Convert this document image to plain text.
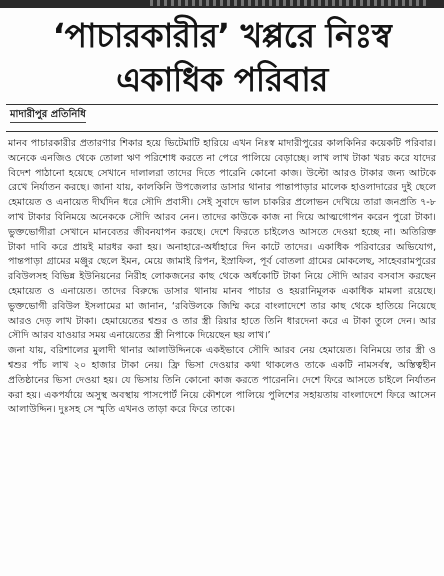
‘পাচারকারীর’ খপ্পরে নিঃস্ব
একাধিক পরিবার
মাদারীপুর প্রতিনিধি

মানব পাচারকারীর প্রতারণার শিকার হয়ে ভিটেমাটি হারিয়ে এখন নিঃস্ব মাদারীপুরের কালকিনির কয়েকটি পরিবার। অনেকে এনজিও থেকে তোলা ঋণ পরিশোধ করতে না পেরে পালিয়ে বেড়াচ্ছে। লাখ লাখ টাকা খরচ করে যাদের বিদেশ পাঠানো হয়েছে সেখানে দালালরা তাদের দিতে পারেনি কোনো কাজ। উল্টো আরও টাকার জন্য আটকে রেখে নির্যাতন করছে। জানা যায়, কালকিনি উপজেলার ডাসার থানার পান্তাপাড়ার মালেক হাওলাদারের দুই ছেলে হেমায়েত ও এনায়েত দীর্ঘদিন ধরে সৌদি প্রবাসী। সেই সুবাদে ভাল চাকরির প্রলোভন দেখিয়ে তারা জনপ্রতি ৭-৮ লাখ টাকার বিনিময়ে অনেককে সৌদি আরব নেন। তাদের কাউকে কাজ না দিয়ে আত্মগোপন করেন পুরো টাকা। ভুক্তভোগীরা সেখানে মানবেতর জীবনযাপন করছে। দেশে ফিরতে চাইলেও আসতে দেওয়া হচ্ছে না। অতিরিক্ত টাকা দাবি করে প্রায়ই মারধর করা হয়। অনাহারে-অর্ধাহারে দিন কাটে তাদের। একাধিক পরিবারের অভিযোগ, পান্তপাড়া গ্রামের মঞ্জুর ছেলে ইমন, মেয়ে জামাই রিপন, ইস্রাফিল, পূর্ব বোতলা গ্রামের মোকলেছ, সাহেবরামপুরের রবিউলসহ বিভিন্ন ইউনিয়নের নিরীহ লোকজনের কাছ থেকে অর্ধকোটি টাকা নিয়ে সৌদি আরব বসবাস করছেন হেমায়েত ও এনায়েত। তাদের বিরুদ্ধে ডাসার থানায় মানব পাচার ও হয়রানিমূলক একাধিক মামলা রয়েছে। ভুক্তভোগী রবিউল ইসলামের মা জানান, ‘রবিউলকে জিম্মি করে বাংলাদেশে তার কাছ থেকে হাতিয়ে নিয়েছে আরও দেড় লাখ টাকা। হেমায়েতের শ্বশুর ও তার স্ত্রী রিয়ার হাতে তিনি ধারদেনা করে এ টাকা তুলে দেন। আর সৌদি আরব যাওয়ার সময় এনায়েতের স্ত্রী নিপাকে দিয়েছেন ছয় লাখ।’

জনা যায়, বরিশালের মুলাদী থানার আলাউদ্দিনকে একইভাবে সৌদি আরব নেয় হেমায়েত। বিনিময়ে তার স্ত্রী ও শ্বশুর পাঁচ লাখ ২০ হাজার টাকা নেয়। ফ্রি ভিসা দেওয়ার কথা থাকলেও তাকে একটি নামসর্বস্ব, অস্তিত্বহীন প্রতিষ্ঠানের ভিসা দেওয়া হয়। যে ভিসায় তিনি কোনো কাজ করতে পারেননি। দেশে ফিরে আসতে চাইলে নির্যাতন করা হয়। একপর্যায়ে অসুস্থ অবস্থায় পাসপোর্ট নিয়ে কৌশলে পালিয়ে পুলিশের সহায়তায় বাংলাদেশে ফিরে আসেন আলাউদ্দিন। দুঃসহ সে স্মৃতি এখনও তাড়া করে ফিরে তাকে।
